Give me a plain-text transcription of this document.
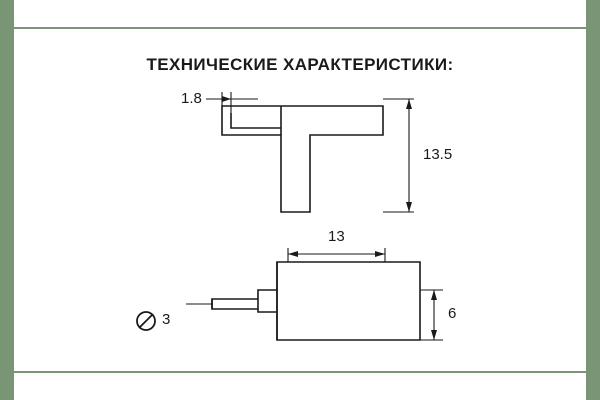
ТЕХНИЧЕСКИЕ ХАРАКТЕРИСТИКИ:
1.8
13.5
13
3	6
